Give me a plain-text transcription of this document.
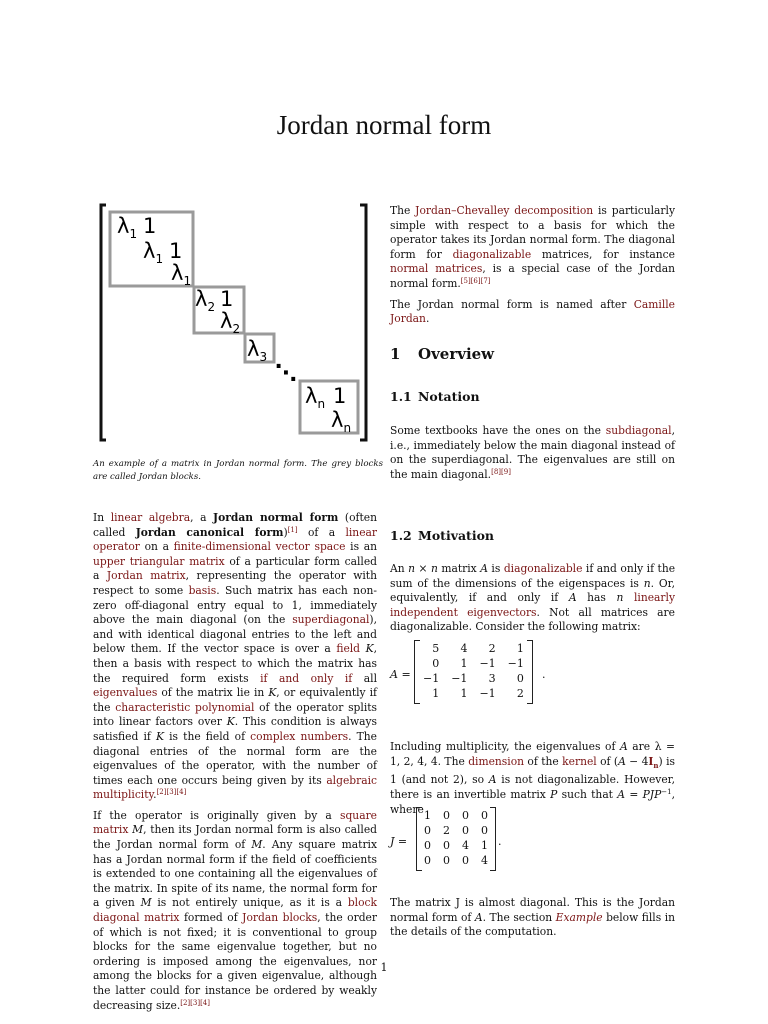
Jordan normal form
$\lambda_1$ 1
$\lambda_1$ 1
$\lambda_1$
$\lambda_2$ 1
$\lambda_2$
$\lambda_3$
⋱
$\lambda_n$ 1
$\lambda_n$
An example of a matrix in Jordan normal form. The grey blocks are called Jordan blocks.

In linear algebra, a Jordan normal form (often called Jordan canonical form)[1] of a linear operator on a finite-dimensional vector space is an upper triangular matrix of a particular form called a Jordan matrix, representing the operator with respect to some basis. Such matrix has each non-zero off-diagonal entry equal to 1, immediately above the main diagonal (on the superdiagonal), and with identical diagonal entries to the left and below them. If the vector space is over a field K, then a basis with respect to which the matrix has the required form exists if and only if all eigenvalues of the matrix lie in K, or equivalently if the characteristic polynomial of the operator splits into linear factors over K. This condition is always satisfied if K is the field of complex numbers. The diagonal entries of the normal form are the eigenvalues of the operator, with the number of times each one occurs being given by its algebraic multiplicity.[2][3][4]

If the operator is originally given by a square matrix M, then its Jordan normal form is also called the Jordan normal form of M. Any square matrix has a Jordan normal form if the field of coefficients is extended to one containing all the eigenvalues of the matrix. In spite of its name, the normal form for a given M is not entirely unique, as it is a block diagonal matrix formed of Jordan blocks, the order of which is not fixed; it is conventional to group blocks for the same eigenvalue together, but no ordering is imposed among the eigenvalues, nor among the blocks for a given eigenvalue, although the latter could for instance be ordered by weakly decreasing size.[2][3][4]

The Jordan–Chevalley decomposition is particularly simple with respect to a basis for which the operator takes its Jordan normal form. The diagonal form for diagonalizable matrices, for instance normal matrices, is a special case of the Jordan normal form.[5][6][7]

The Jordan normal form is named after Camille Jordan.

1 Overview
1.1 Notation

Some textbooks have the ones on the subdiagonal, i.e., immediately below the main diagonal instead of on the superdiagonal. The eigenvalues are still on the main diagonal.[8][9]

1.2 Motivation

An n × n matrix A is diagonalizable if and only if the sum of the dimensions of the eigenspaces is n. Or, equivalently, if and only if A has n linearly independent eigenvectors. Not all matrices are diagonalizable. Consider the following matrix:

A =
5	4	2	1
0	1	−1	−1
−1	−1	3	0
1	1	−1	2
.

Including multiplicity, the eigenvalues of A are λ = 1, 2, 4, 4. The dimension of the kernel of $(A - 4I_n)$ is 1 (and not 2), so A is not diagonalizable. However, there is an invertible matrix P such that $A = PJP^{-1}$, where

J =
1	0	0	0
0	2	0	0
0	0	4	1
0	0	0	4
.

The matrix J is almost diagonal. This is the Jordan normal form of A. The section Example below fills in the details of the computation.

1
